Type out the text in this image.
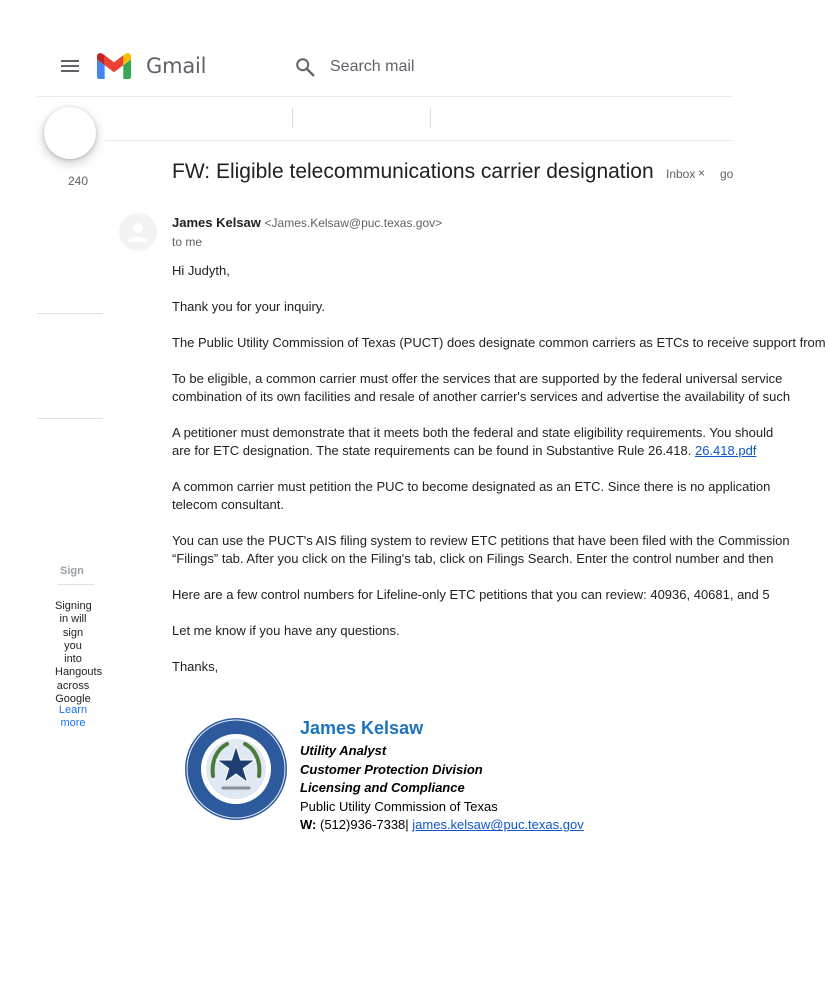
Gmail
Search mail
240
Sign
Signing
in will
sign
you
into
Hangouts
across
Google
Learn more
FW: Eligible telecommunications carrier designation Inbox × go
James Kelsaw <James.Kelsaw@puc.texas.gov>
to me

Hi Judyth,

Thank you for your inquiry.

The Public Utility Commission of Texas (PUCT) does designate common carriers as ETCs to receive support from

To be eligible, a common carrier must offer the services that are supported by the federal universal service
combination of its own facilities and resale of another carrier's services and advertise the availability of such

A petitioner must demonstrate that it meets both the federal and state eligibility requirements. You should
are for ETC designation. The state requirements can be found in Substantive Rule 26.418. 26.418.pdf

A common carrier must petition the PUC to become designated as an ETC. Since there is no application
telecom consultant.

You can use the PUCT's AIS filing system to review ETC petitions that have been filed with the Commission
“Filings” tab. After you click on the Filing's tab, click on Filings Search. Enter the control number and then

Here are a few control numbers for Lifeline-only ETC petitions that you can review: 40936, 40681, and 5

Let me know if you have any questions.

Thanks,

James Kelsaw
Utility Analyst
Customer Protection Division
Licensing and Compliance
Public Utility Commission of Texas
W: (512)936-7338| james.kelsaw@puc.texas.gov
